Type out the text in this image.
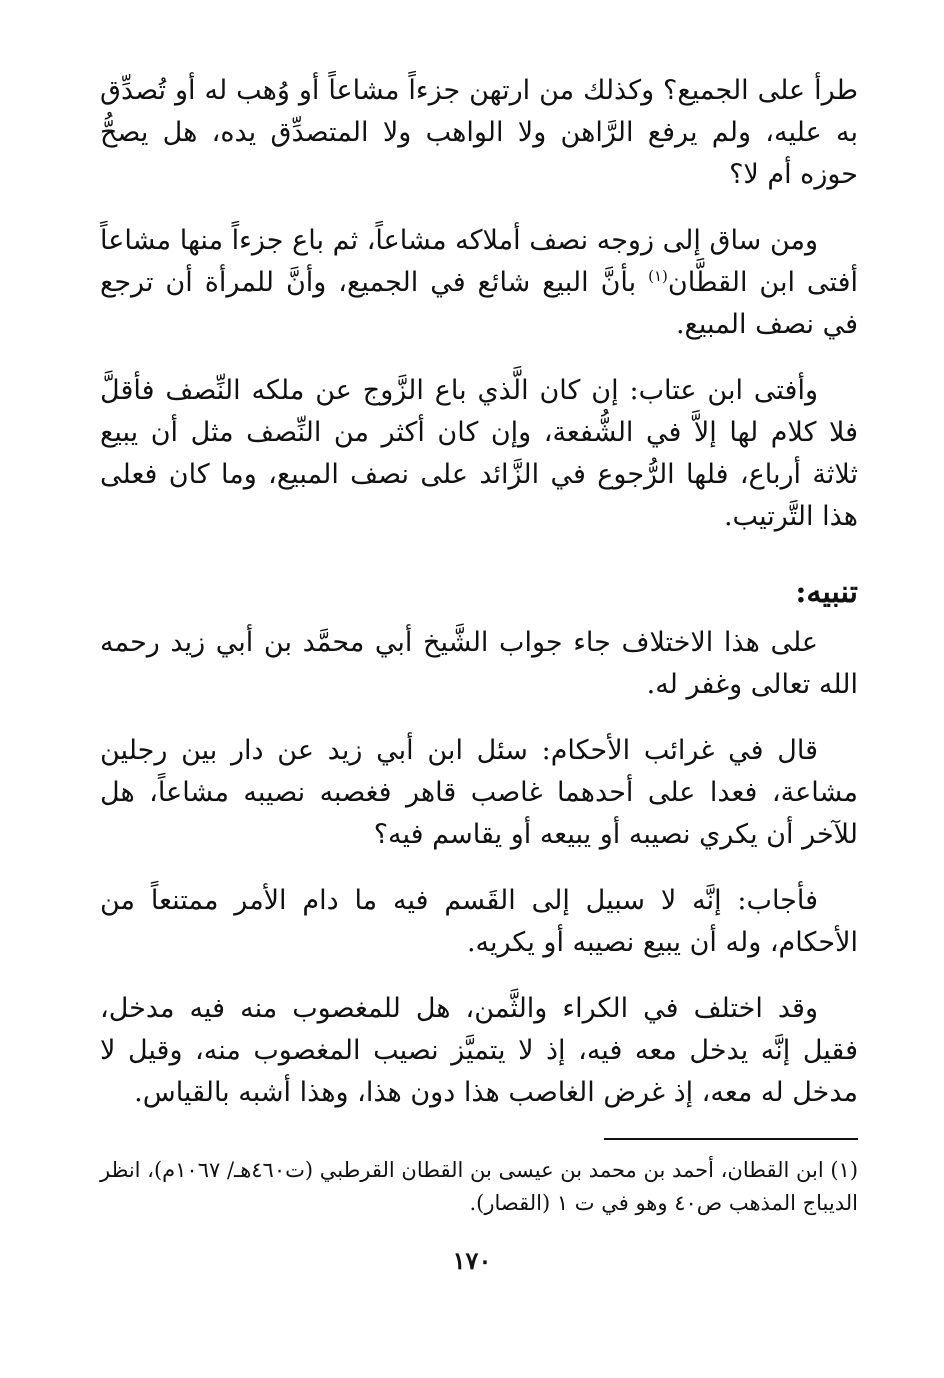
طرأ على الجميع؟ وكذلك من ارتهن جزءاً مشاعاً أو وُهب له أو تُصدِّق به عليه، ولم يرفع الرَّاهن ولا الواهب ولا المتصدِّق يده، هل يصحُّ حوزه أم لا؟

ومن ساق إلى زوجه نصف أملاكه مشاعاً، ثم باع جزءاً منها مشاعاً أفتى ابن القطَّان$^{(١)}$ بأنَّ البيع شائع في الجميع، وأنَّ للمرأة أن ترجع في نصف المبيع.

وأفتى ابن عتاب: إن كان الَّذي باع الزَّوج عن ملكه النِّصف فأقلَّ فلا كلام لها إلاَّ في الشُّفعة، وإن كان أكثر من النِّصف مثل أن يبيع ثلاثة أرباع، فلها الرُّجوع في الزَّائد على نصف المبيع، وما كان فعلى هذا التَّرتيب.

تنبيه:

على هذا الاختلاف جاء جواب الشَّيخ أبي محمَّد بن أبي زيد رحمه الله تعالى وغفر له.

قال في غرائب الأحكام: سئل ابن أبي زيد عن دار بين رجلين مشاعة، فعدا على أحدهما غاصب قاهر فغصبه نصيبه مشاعاً، هل للآخر أن يكري نصيبه أو يبيعه أو يقاسم فيه؟

فأجاب: إنَّه لا سبيل إلى القَسم فيه ما دام الأمر ممتنعاً من الأحكام، وله أن يبيع نصيبه أو يكريه.

وقد اختلف في الكراء والثَّمن، هل للمغصوب منه فيه مدخل، فقيل إنَّه يدخل معه فيه، إذ لا يتميَّز نصيب المغصوب منه، وقيل لا مدخل له معه، إذ غرض الغاصب هذا دون هذا، وهذا أشبه بالقياس.

(١) ابن القطان، أحمد بن محمد بن عيسى بن القطان القرطبي (ت٤٦٠هـ/ ١٠٦٧م)، انظر الديباج المذهب ص٤٠ وهو في ت ١ (القصار).

١٧٠
